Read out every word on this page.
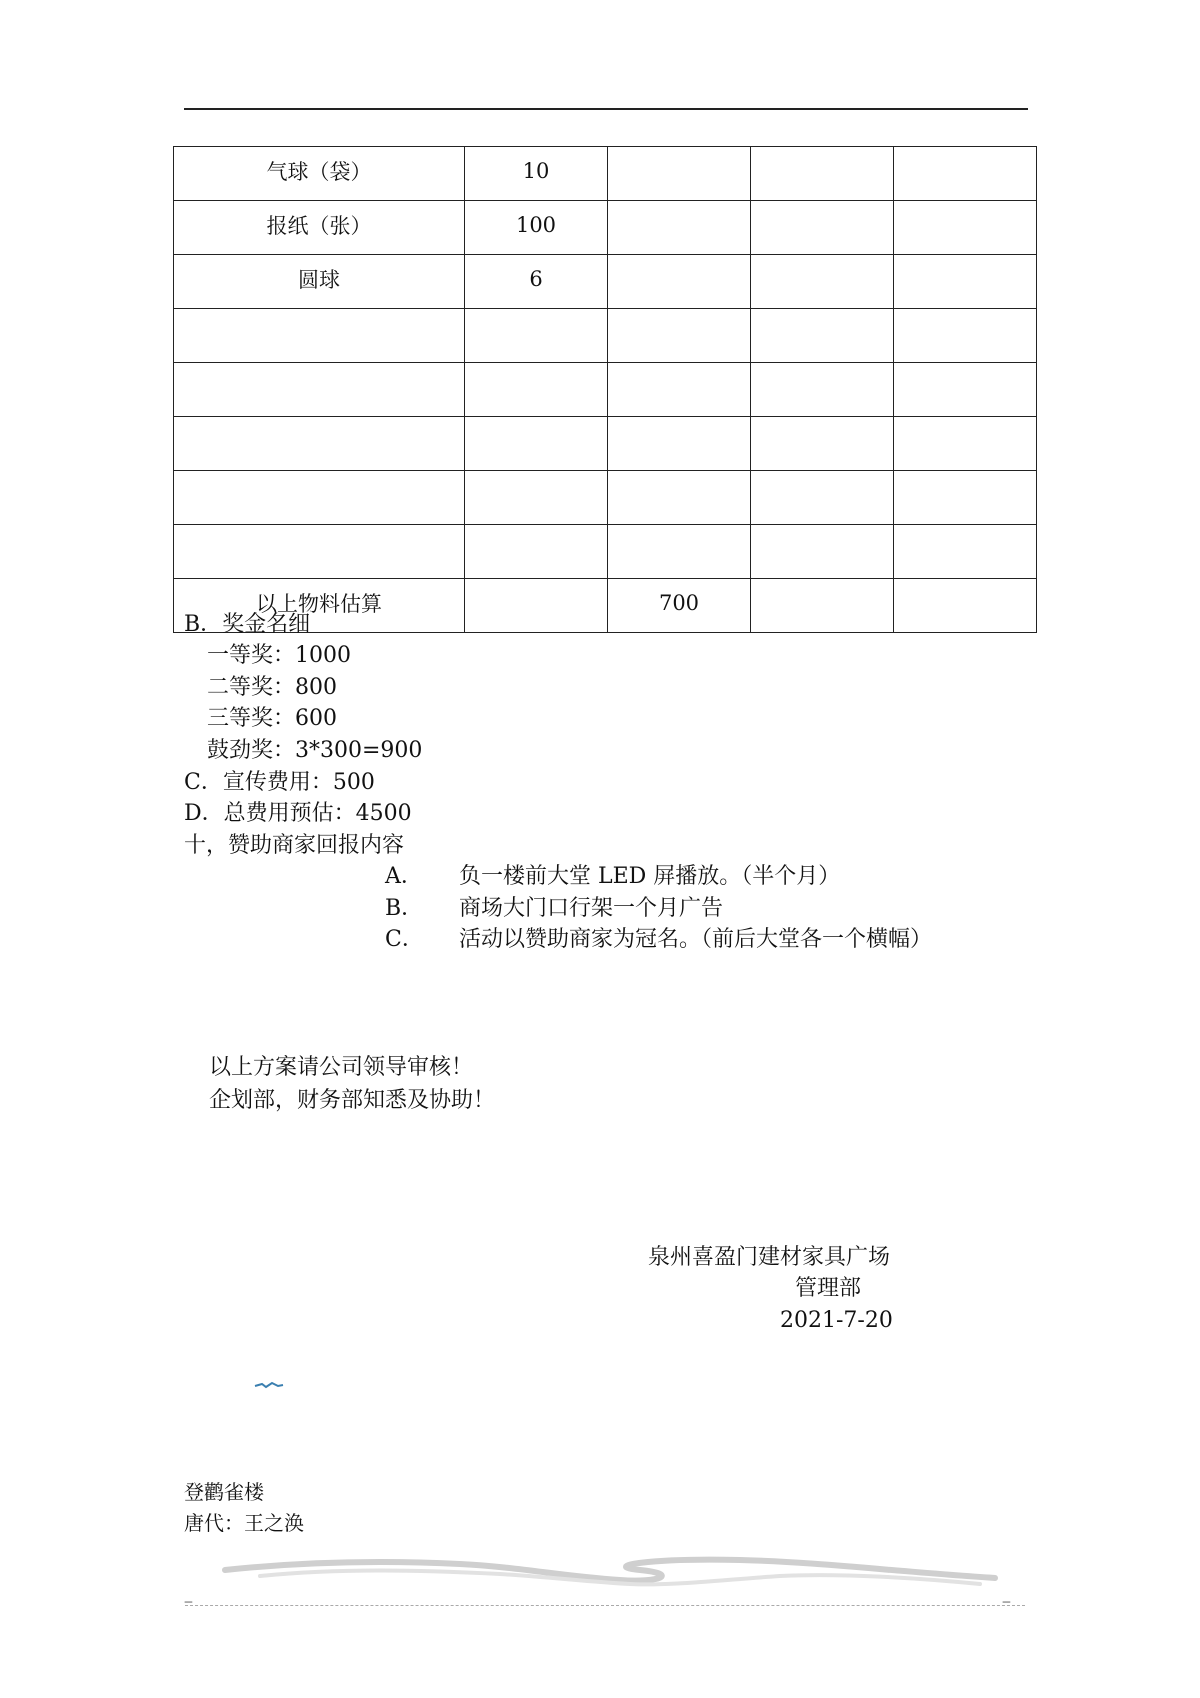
气球（袋）	10			
报纸（张）	100			
圆球	6			

以上物料估算		700		
B．奖金名细
一等奖：1000
二等奖：800
三等奖：600
鼓劲奖：3*300=900
C．宣传费用：500
D．总费用预估：4500
十，赞助商家回报内容
A． 负一楼前大堂 LED 屏播放。（半个月）
B． 商场大门口行架一个月广告
C． 活动以赞助商家为冠名。（前后大堂各一个横幅）
以上方案请公司领导审核！
企划部，财务部知悉及协助！
泉州喜盈门建材家具广场
管理部
2021-7-20
登鹳雀楼
唐代：王之涣
‒	‒
